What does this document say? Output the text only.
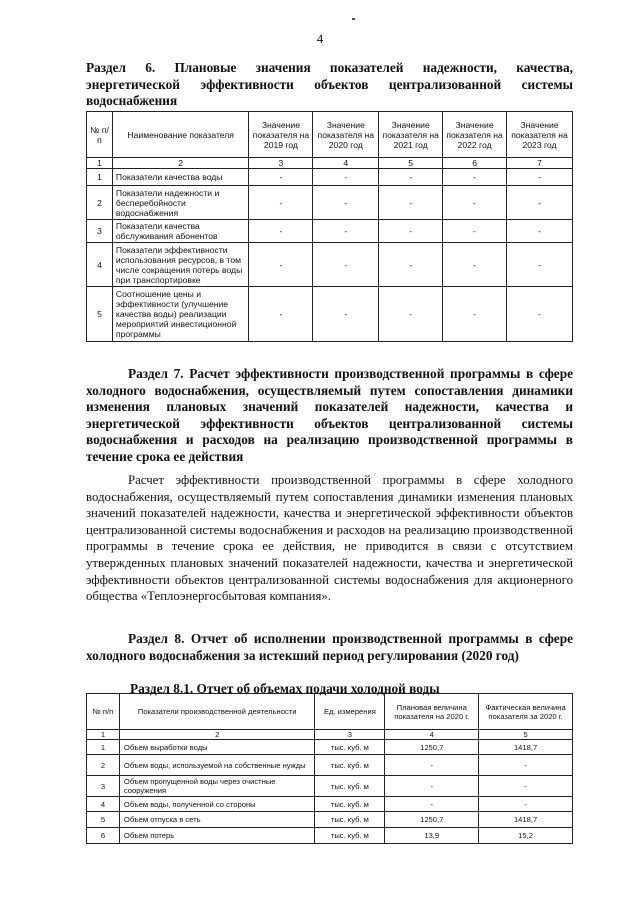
4
Раздел 6. Плановые значения показателей надежности, качества, энергетической эффективности объектов централизованной системы водоснабжения
№ п/п	Наименование показателя	Значение показателя на 2019 год	Значение показателя на 2020 год	Значение показателя на 2021 год	Значение показателя на 2022 год	Значение показателя на 2023 год
1	2	3	4	5	6	7
1	Показатели качества воды	-	-	-	-	-
2	Показатели надежности и бесперебойности водоснабжения	-	-	-	-	-
3	Показатели качества обслуживания абонентов	-	-	-	-	-
4	Показатели эффективности использования ресурсов, в том числе сокращения потерь воды при транспортировке	-	-	-	-	-
5	Соотношение цены и эффективности (улучшение качества воды) реализации мероприятий инвестиционной программы	-	-	-	-	-
Раздел 7. Расчет эффективности производственной программы в сфере холодного водоснабжения, осуществляемый путем сопоставления динамики изменения плановых значений показателей надежности, качества и энергетической эффективности объектов централизованной системы водоснабжения и расходов на реализацию производственной программы в течение срока ее действия
Расчет эффективности производственной программы в сфере холодного водоснабжения, осуществляемый путем сопоставления динамики изменения плановых значений показателей надежности, качества и энергетической эффективности объектов централизованной системы водоснабжения и расходов на реализацию производственной программы в течение срока ее действия, не приводится в связи с отсутствием утвержденных плановых значений показателей надежности, качества и энергетической эффективности объектов централизованной системы водоснабжения для акционерного общества «Теплоэнергосбытовая компания».
Раздел 8. Отчет об исполнении производственной программы в сфере холодного водоснабжения за истекший период регулирования (2020 год)
Раздел 8.1. Отчет об объемах подачи холодной воды
№ п/п	Показатели производственной деятельности	Ед. измерения	Плановая величина показателя на 2020 г.	Фактическая величина показателя за 2020 г.
1	2	3	4	5
1	Объем выработки воды	тыс. куб. м	1250,7	1418,7
2	Объем воды, используемой на собственные нужды	тыс. куб. м	-	-
3	Объем пропущенной воды через очистные сооружения	тыс. куб. м	-	-
4	Объем воды, полученной со стороны	тыс. куб. м	-	-
5	Объем отпуска в сеть	тыс. куб. м	1250,7	1418,7
6	Объем потерь	тыс. куб. м	13,9	15,2
